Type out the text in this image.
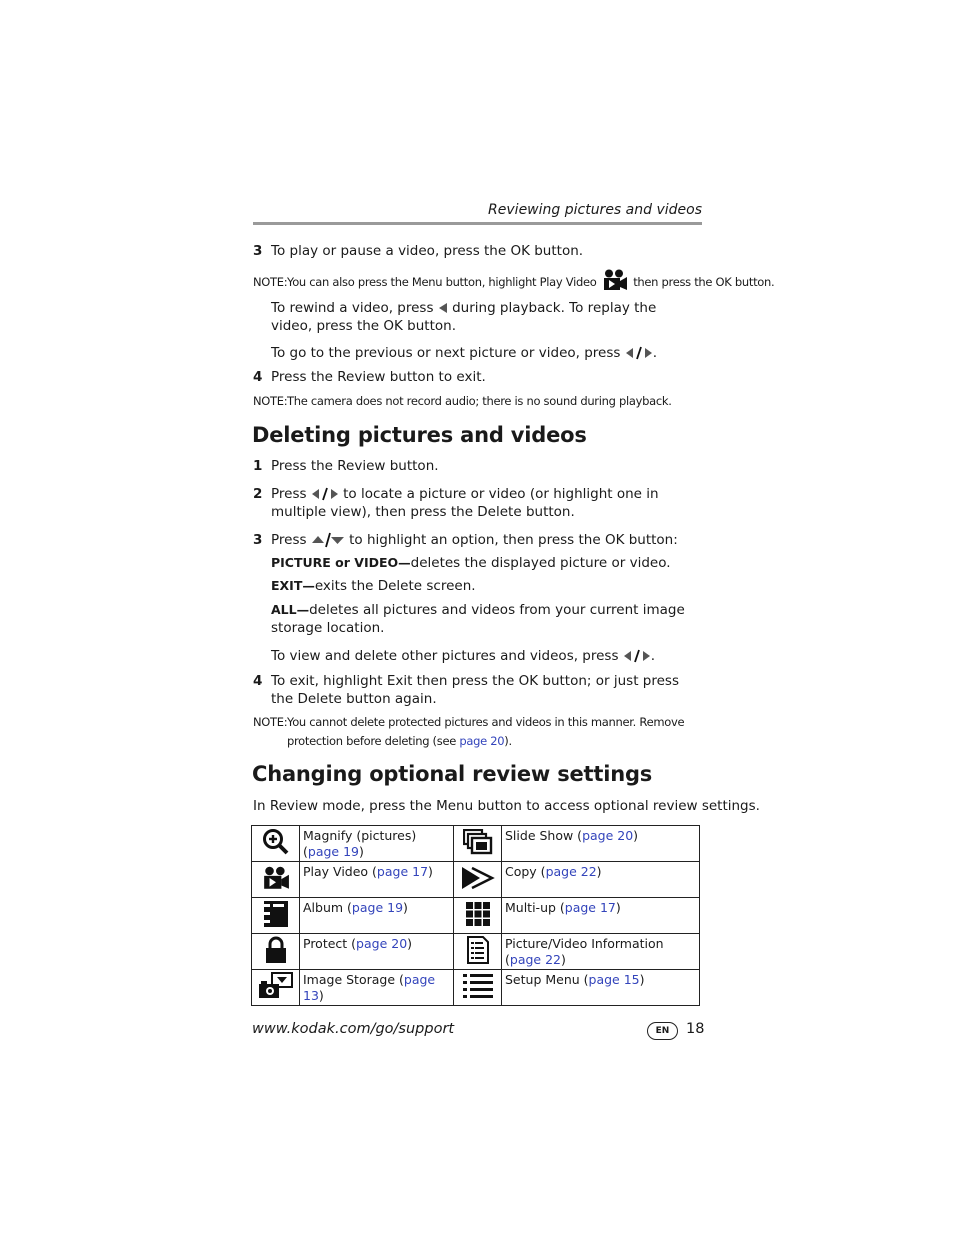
Reviewing pictures and videos
3 To play or pause a video, press the OK button.
NOTE: You can also press the Menu button, highlight Play Video	then press the OK button.
To rewind a video, press during playback. To replay the video, press the OK button.
To go to the previous or next picture or video, press .
4 Press the Review button to exit.
NOTE: The camera does not record audio; there is no sound during playback.
Deleting pictures and videos
1 Press the Review button.
2 Press	to locate a picture or video (or highlight one in multiple view), then press the Delete button.
3 Press	to highlight an option, then press the OK button:
PICTURE or VIDEO—deletes the displayed picture or video.
EXIT—exits the Delete screen.
ALL—deletes all pictures and videos from your current image storage location.
To view and delete other pictures and videos, press .
4 To exit, highlight Exit then press the OK button; or just press the Delete button again.
NOTE: You cannot delete protected pictures and videos in this manner. Remove protection before deleting (see page 20).
Changing optional review settings
In Review mode, press the Menu button to access optional review settings.
	Magnify (pictures) (page 19)		Slide Show (page 20)
	Play Video (page 17)		Copy (page 22)
	Album (page 19)		Multi-up (page 17)
	Protect (page 20)		Picture/Video Information (page 22)
	Image Storage (page 13)		Setup Menu (page 15)
www.kodak.com/go/support	EN	18
